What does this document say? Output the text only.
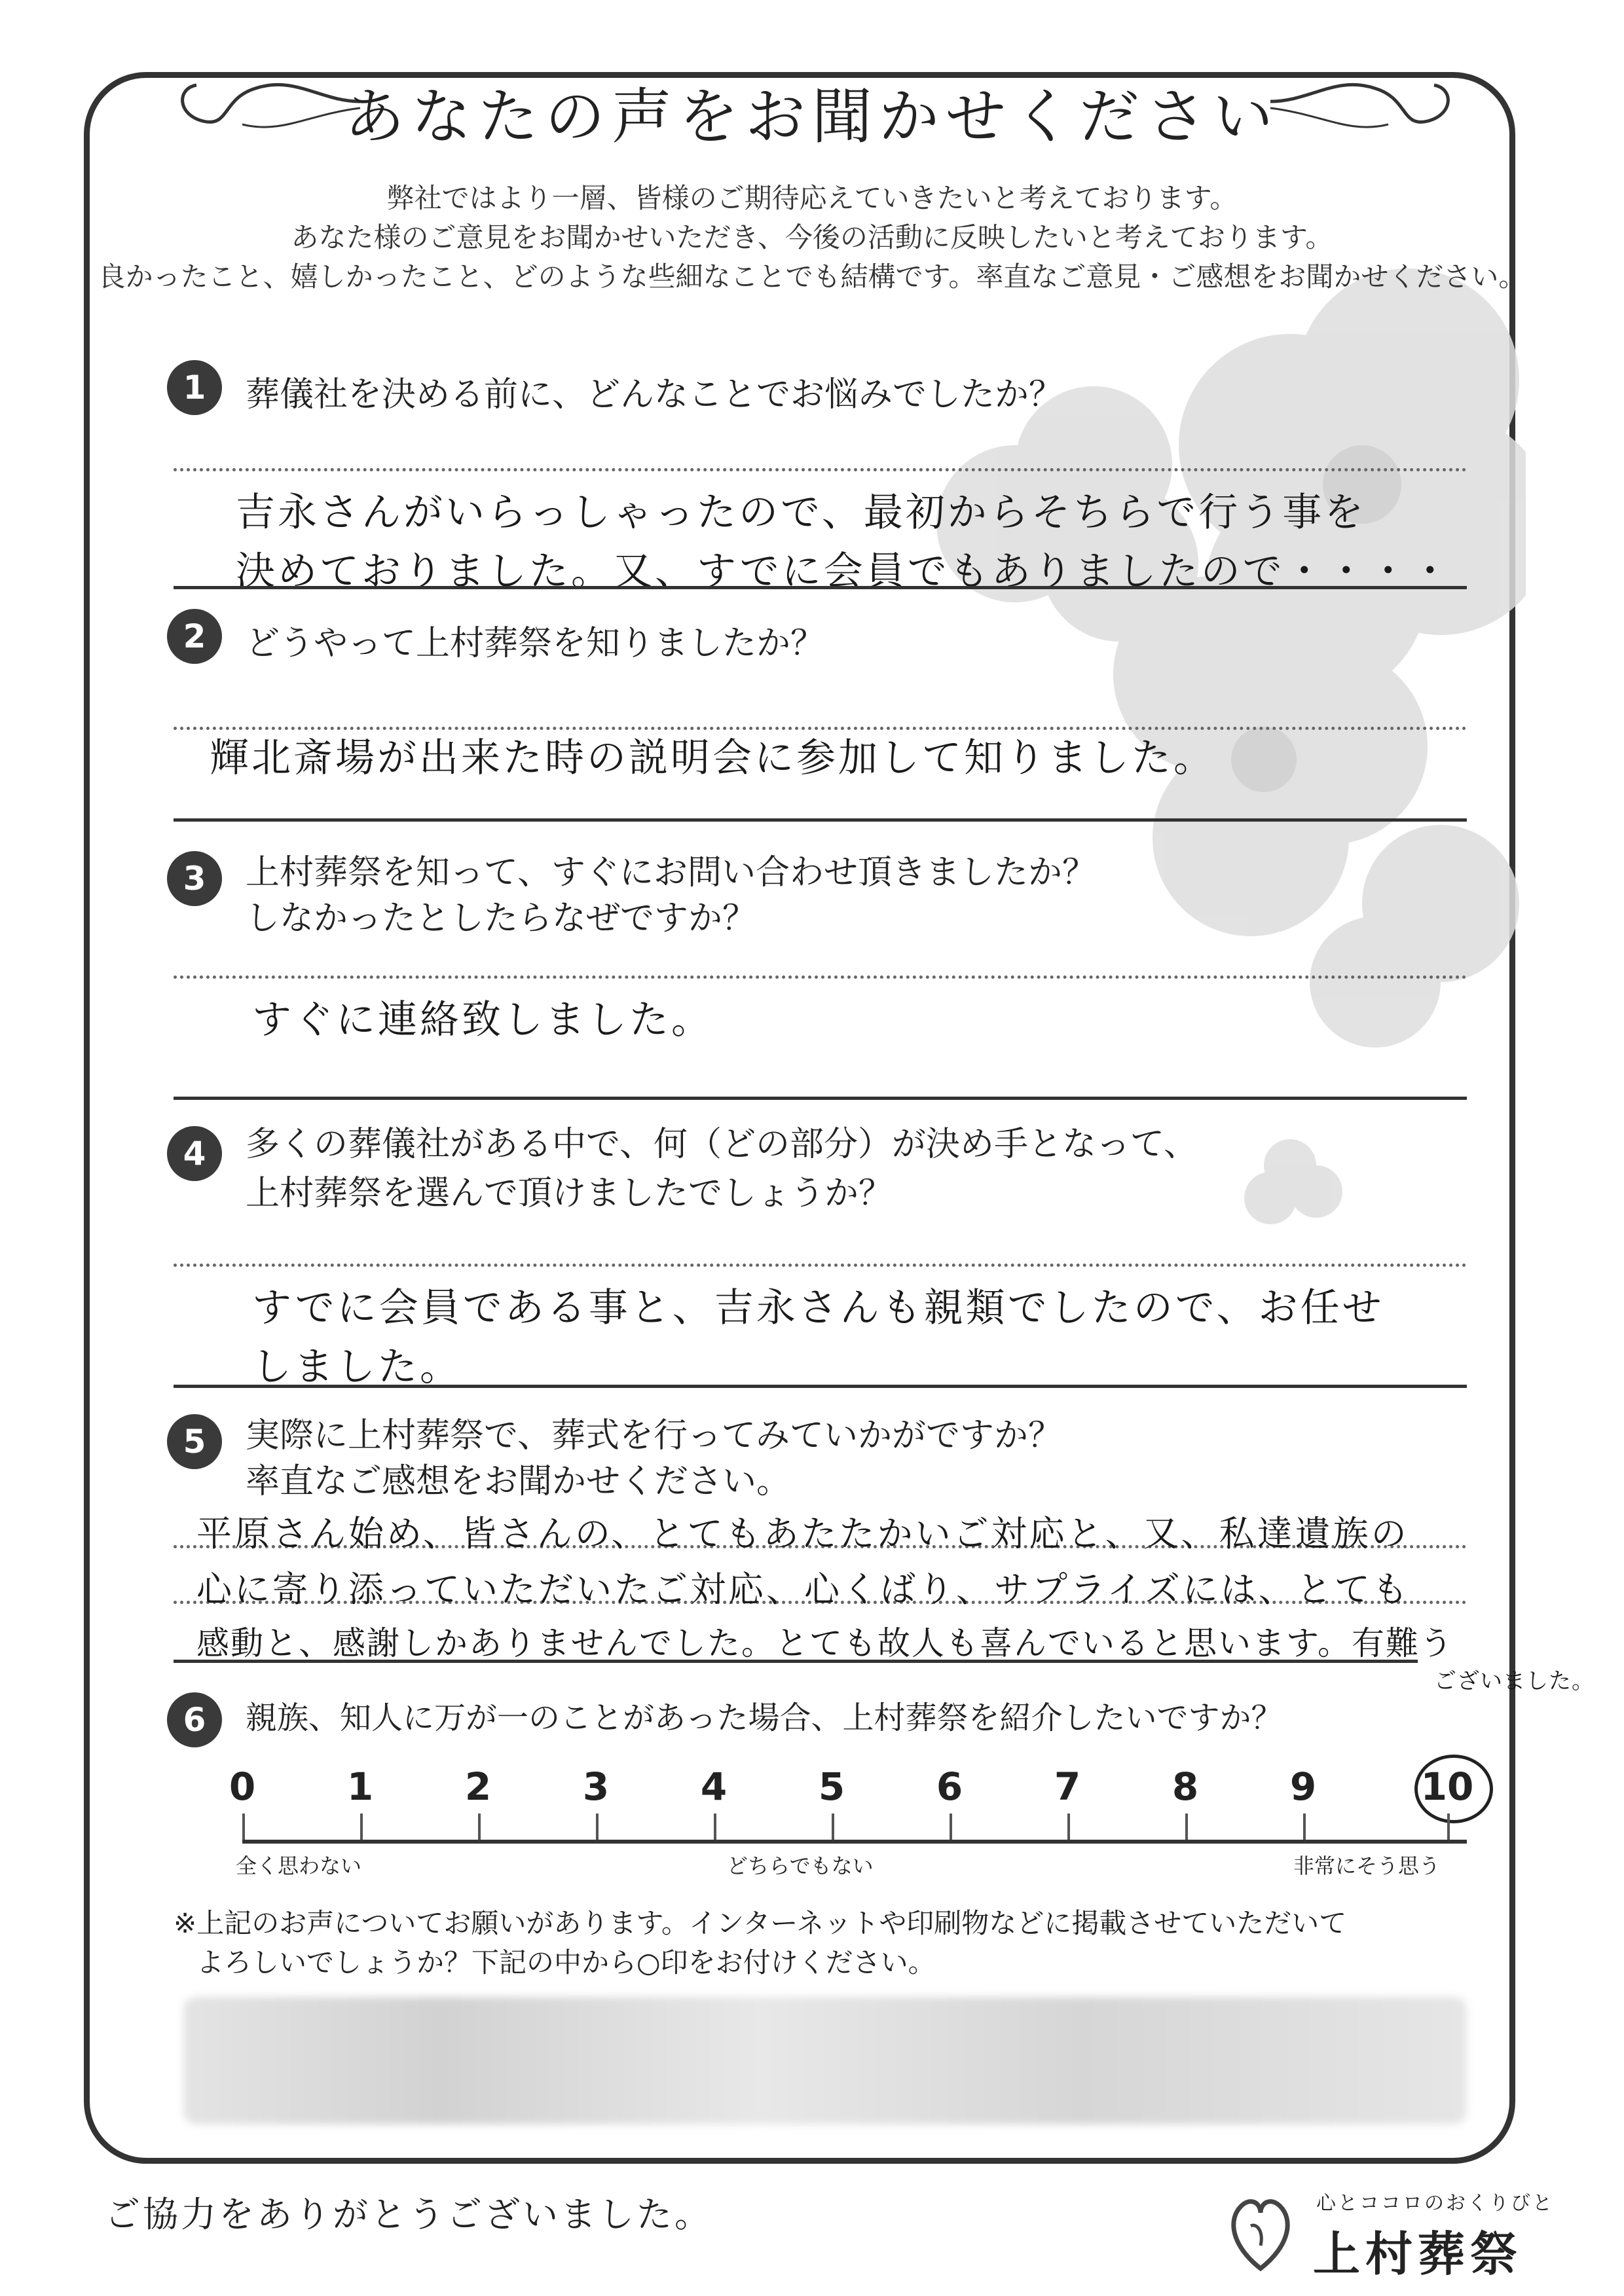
あなたの声をお聞かせください
弊社ではより一層、皆様のご期待応えていきたいと考えております。
あなた様のご意見をお聞かせいただき、今後の活動に反映したいと考えております。
良かったこと、嬉しかったこと、どのような些細なことでも結構です。率直なご意見・ご感想をお聞かせください。
1	葬儀社を決める前に、どんなことでお悩みでしたか？
吉永さんがいらっしゃったので、最初からそちらで行う事を
決めておりました。又、すでに会員でもありましたので・・・・
2	どうやって上村葬祭を知りましたか？
輝北斎場が出来た時の説明会に参加して知りました。
3	上村葬祭を知って、すぐにお問い合わせ頂きましたか？
しなかったとしたらなぜですか？
すぐに連絡致しました。
4	多くの葬儀社がある中で、何（どの部分）が決め手となって、
上村葬祭を選んで頂けましたでしょうか？
すでに会員である事と、吉永さんも親類でしたので、お任せ
しました。
5	実際に上村葬祭で、葬式を行ってみていかがですか？
率直なご感想をお聞かせください。
平原さん始め、皆さんの、とてもあたたかいご対応と、又、私達遺族の
心に寄り添っていただいたご対応、心くばり、サプライズには、とても
感動と、感謝しかありませんでした。とても故人も喜んでいると思います。有難う
ございました。
6	親族、知人に万が一のことがあった場合、上村葬祭を紹介したいですか？
0 1 2 3 4 5 6 7 8 9	10
全く思わない	どちらでもない	非常にそう思う
※上記のお声についてお願いがあります。インターネットや印刷物などに掲載させていただいて
よろしいでしょうか？下記の中から○印をお付けください。
ご協力をありがとうございました。	心とココロのおくりびと
上村葬祭
